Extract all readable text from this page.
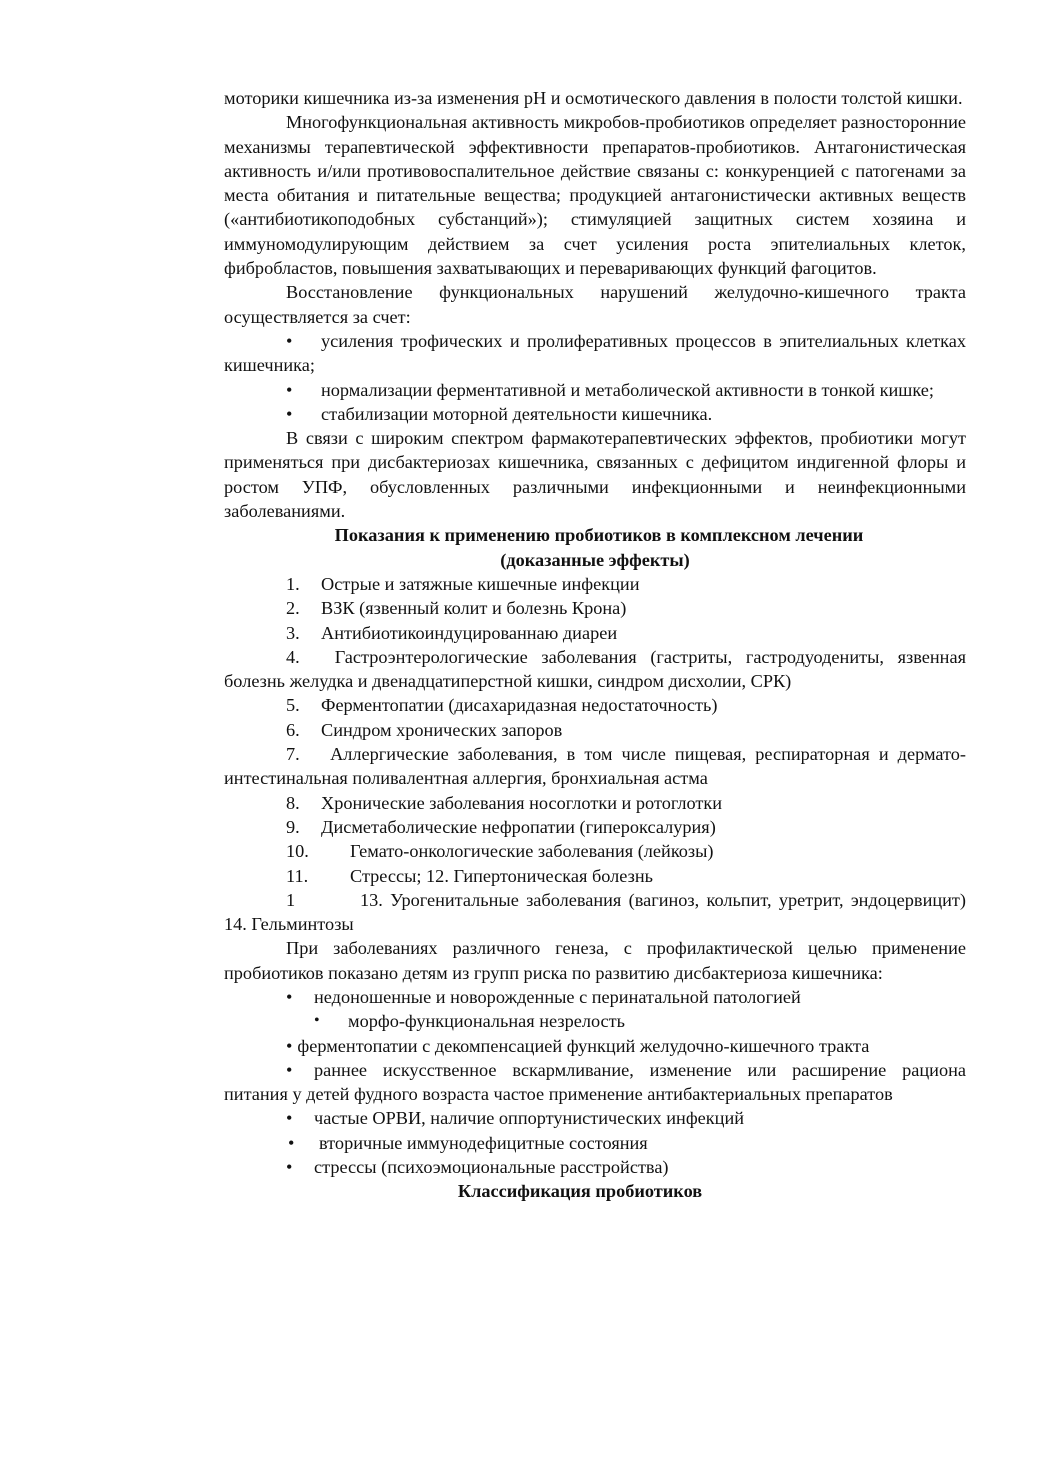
моторики кишечника из-за изменения pH и осмотического давления в полости толстой кишки.

Многофункциональная активность микробов-пробиотиков определяет разносторонние механизмы терапевтической эффективности препаратов-пробиотиков. Антагонистическая активность и/или противовоспалительное действие связаны с: конкуренцией с патогенами за места обитания и питательные вещества; продукцией антагонистически активных веществ («антибиотикоподобных субстанций»); стимуляцией защитных систем хозяина и иммуномодулирующим действием за счет усиления роста эпителиальных клеток, фибробластов, повышения захватывающих и переваривающих функций фагоцитов.

Восстановление функциональных нарушений желудочно-кишечного тракта осуществляется за счет:

• усиления трофических и пролиферативных процессов в эпителиальных клетках кишечника;

• нормализации ферментативной и метаболической активности в тонкой кишке;

•	стабилизации моторной деятельности кишечника.

В связи с широким спектром фармакотерапевтических эффектов, пробиотики могут применяться при дисбактериозах кишечника, связанных с дефицитом индигенной флоры и ростом УПФ, обусловленных различными инфекционными и неинфекционными заболеваниями.

Показания к применению пробиотиков в комплексном лечении

(доказанные эффекты)

1.	Острые и затяжные кишечные инфекции

2.	ВЗК (язвенный колит и болезнь Крона)

3.	Антибиотикоиндуцированнаю диареи

4. Гастроэнтерологические заболевания (гастриты, гастродуодениты, язвенная болезнь желудка и двенадцатиперстной кишки, синдром дисхолии, СРК)

5.	Ферментопатии (дисахаридазная недостаточность)

6.	Синдром хронических запоров

7. Аллергические заболевания, в том числе пищевая, респираторная и дермато-интестинальная поливалентная аллергия, бронхиальная астма

8.	Хронические заболевания носоглотки и ротоглотки

9.	Дисметаболические нефропатии (гипероксалурия)

10.	Гемато-онкологические заболевания (лейкозы)

11.	Стрессы; 12. Гипертоническая болезнь

1	13. Урогенитальные заболевания (вагиноз, кольпит, уретрит, эндоцервицит) 14. Гельминтозы

При заболеваниях различного генеза, с профилактической целью применение пробиотиков показано детям из групп риска по развитию дисбактериоза кишечника:

•	недоношенные и новорожденные с перинатальной патологией

•	морфо-функциональная незрелость

• ферментопатии с декомпенсацией функций желудочно-кишечного тракта

• раннее искусственное вскармливание, изменение или расширение рациона питания у детей фудного возраста частое применение антибактериальных препаратов

•	частые ОРВИ, наличие оппортунистических инфекций

•	вторичные иммунодефицитные состояния

•	стрессы (психоэмоциональные расстройства)

Классификация пробиотиков
